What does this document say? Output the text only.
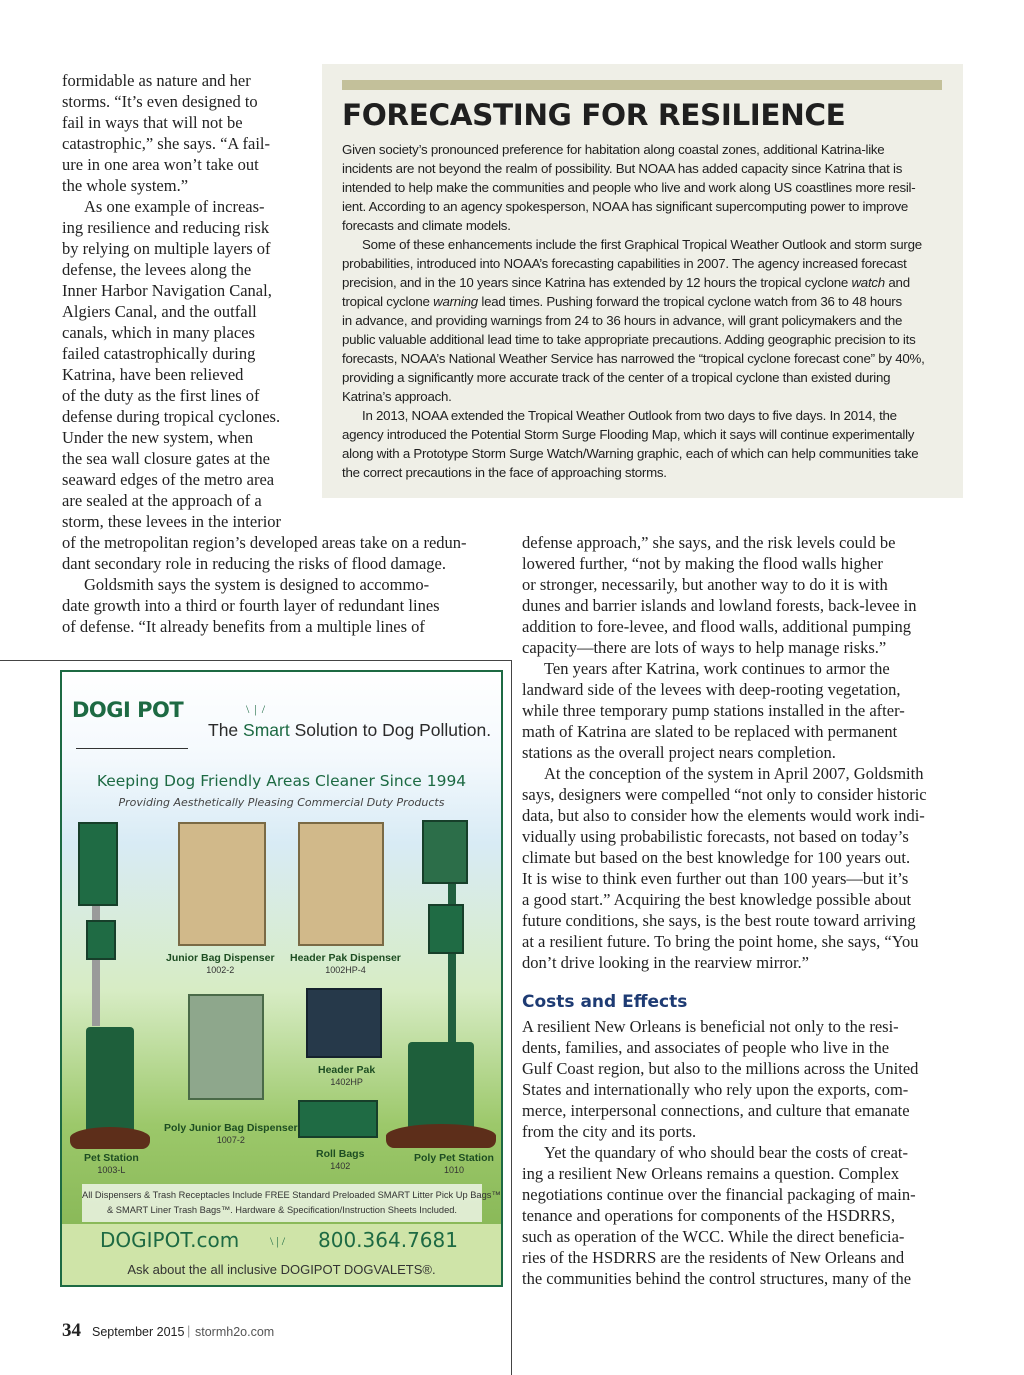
formidable as nature and her
storms. “It’s even designed to
fail in ways that will not be
catastrophic,” she says. “A fail-
ure in one area won’t take out
the whole system.”
As one example of increas-
ing resilience and reducing risk
by relying on multiple layers of
defense, the levees along the
Inner Harbor Navigation Canal,
Algiers Canal, and the outfall
canals, which in many places
failed catastrophically during
Katrina, have been relieved
of the duty as the first lines of
defense during tropical cyclones.
Under the new system, when
the sea wall closure gates at the
seaward edges of the metro area
are sealed at the approach of a
storm, these levees in the interior
FORECASTING FOR RESILIENCE
Given society’s pronounced preference for habitation along coastal zones, additional Katrina-like
incidents are not beyond the realm of possibility. But NOAA has added capacity since Katrina that is
intended to help make the communities and people who live and work along US coastlines more resil-
ient. According to an agency spokesperson, NOAA has significant supercomputing power to improve
forecasts and climate models.
Some of these enhancements include the first Graphical Tropical Weather Outlook and storm surge
probabilities, introduced into NOAA’s forecasting capabilities in 2007. The agency increased forecast
precision, and in the 10 years since Katrina has extended by 12 hours the tropical cyclone watch and
tropical cyclone warning lead times. Pushing forward the tropical cyclone watch from 36 to 48 hours
in advance, and providing warnings from 24 to 36 hours in advance, will grant policymakers and the
public valuable additional lead time to take appropriate precautions. Adding geographic precision to its
forecasts, NOAA’s National Weather Service has narrowed the “tropical cyclone forecast cone” by 40%,
providing a significantly more accurate track of the center of a tropical cyclone than existed during
Katrina’s approach.
In 2013, NOAA extended the Tropical Weather Outlook from two days to five days. In 2014, the
agency introduced the Potential Storm Surge Flooding Map, which it says will continue experimentally
along with a Prototype Storm Surge Watch/Warning graphic, each of which can help communities take
the correct precautions in the face of approaching storms.
of the metropolitan region’s developed areas take on a redun-
dant secondary role in reducing the risks of flood damage.
Goldsmith says the system is designed to accommo-
date growth into a third or fourth layer of redundant lines
of defense. “It already benefits from a multiple lines of
defense approach,” she says, and the risk levels could be
lowered further, “not by making the flood walls higher
or stronger, necessarily, but another way to do it is with
dunes and barrier islands and lowland forests, back-levee in
addition to fore-levee, and flood walls, additional pumping
capacity—there are lots of ways to help manage risks.”
Ten years after Katrina, work continues to armor the
landward side of the levees with deep-rooting vegetation,
while three temporary pump stations installed in the after-
math of Katrina are slated to be replaced with permanent
stations as the overall project nears completion.
At the conception of the system in April 2007, Goldsmith
says, designers were compelled “not only to consider historic
data, but also to consider how the elements would work indi-
vidually using probabilistic forecasts, not based on today’s
climate but based on the best knowledge for 100 years out.
It is wise to think even further out than 100 years—but it’s
a good start.” Acquiring the best knowledge possible about
future conditions, she says, is the best route toward arriving
at a resilient future. To bring the point home, she says, “You
don’t drive looking in the rearview mirror.”
A resilient New Orleans is beneficial not only to the resi-
dents, families, and associates of people who live in the
Gulf Coast region, but also to the millions across the United
States and internationally who rely upon the exports, com-
merce, interpersonal connections, and culture that emanate
from the city and its ports.
Yet the quandary of who should bear the costs of creat-
ing a resilient New Orleans remains a question. Complex
negotiations continue over the financial packaging of main-
tenance and operations for components of the HSDRRS,
such as operation of the WCC. While the direct beneficia-
ries of the HSDRRS are the residents of New Orleans and
the communities behind the control structures, many of the
Costs and Effects
DOGI POT	\ | /
The Smart Solution to Dog Pollution.
Keeping Dog Friendly Areas Cleaner Since 1994
Providing Aesthetically Pleasing Commercial Duty Products
Junior Bag Dispenser
1002-2
Header Pak Dispenser
1002HP-4
Header Pak
1402HP
Poly Junior Bag Dispenser
1007-2
Roll Bags
1402
Pet Station
1003-L
Poly Pet Station
1010
All Dispensers & Trash Receptacles Include FREE Standard Preloaded SMART Litter Pick Up Bags™
& SMART Liner Trash Bags™. Hardware & Specification/Instruction Sheets Included.
DOGIPOT.com	\ | / 800.364.7681
Ask about the all inclusive DOGIPOT DOGVALETS®.
34 September 2015 | stormh2o.com
